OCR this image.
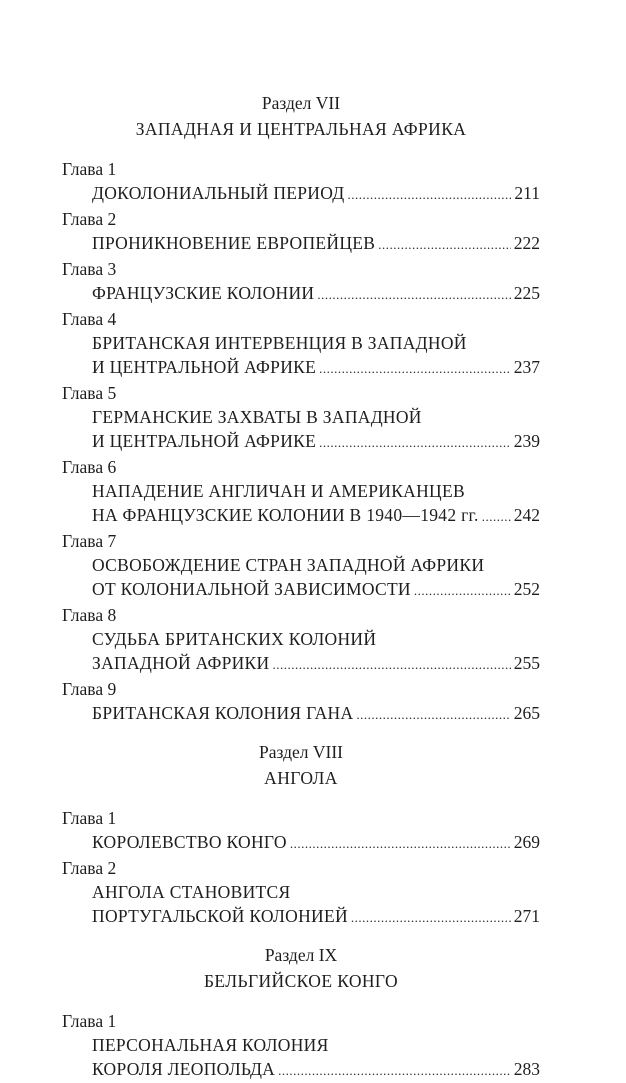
Раздел VII
ЗАПАДНАЯ И ЦЕНТРАЛЬНАЯ АФРИКА
Глава 1
ДОКОЛОНИАЛЬНЫЙ ПЕРИОД .....	211
Глава 2
ПРОНИКНОВЕНИЕ ЕВРОПЕЙЦЕВ .....	222
Глава 3
ФРАНЦУЗСКИЕ КОЛОНИИ .....	225
Глава 4
БРИТАНСКАЯ ИНТЕРВЕНЦИЯ В ЗАПАДНОЙ
И ЦЕНТРАЛЬНОЙ АФРИКЕ .....	237
Глава 5
ГЕРМАНСКИЕ ЗАХВАТЫ В ЗАПАДНОЙ
И ЦЕНТРАЛЬНОЙ АФРИКЕ .....	239
Глава 6
НАПАДЕНИЕ АНГЛИЧАН И АМЕРИКАНЦЕВ
НА ФРАНЦУЗСКИЕ КОЛОНИИ В 1940—1942 гг. ..... 242
Глава 7
ОСВОБОЖДЕНИЕ СТРАН ЗАПАДНОЙ АФРИКИ
ОТ КОЛОНИАЛЬНОЙ ЗАВИСИМОСТИ .....	252
Глава 8
СУДЬБА БРИТАНСКИХ КОЛОНИЙ
ЗАПАДНОЙ АФРИКИ .....	255
Глава 9
БРИТАНСКАЯ КОЛОНИЯ ГАНА .....	265
Раздел VIII
АНГОЛА
Глава 1
КОРОЛЕВСТВО КОНГО .....	269
Глава 2
АНГОЛА СТАНОВИТСЯ
ПОРТУГАЛЬСКОЙ КОЛОНИЕЙ .....	271
Раздел IX
БЕЛЬГИЙСКОЕ КОНГО
Глава 1
ПЕРСОНАЛЬНАЯ КОЛОНИЯ
КОРОЛЯ ЛЕОПОЛЬДА .....	283
